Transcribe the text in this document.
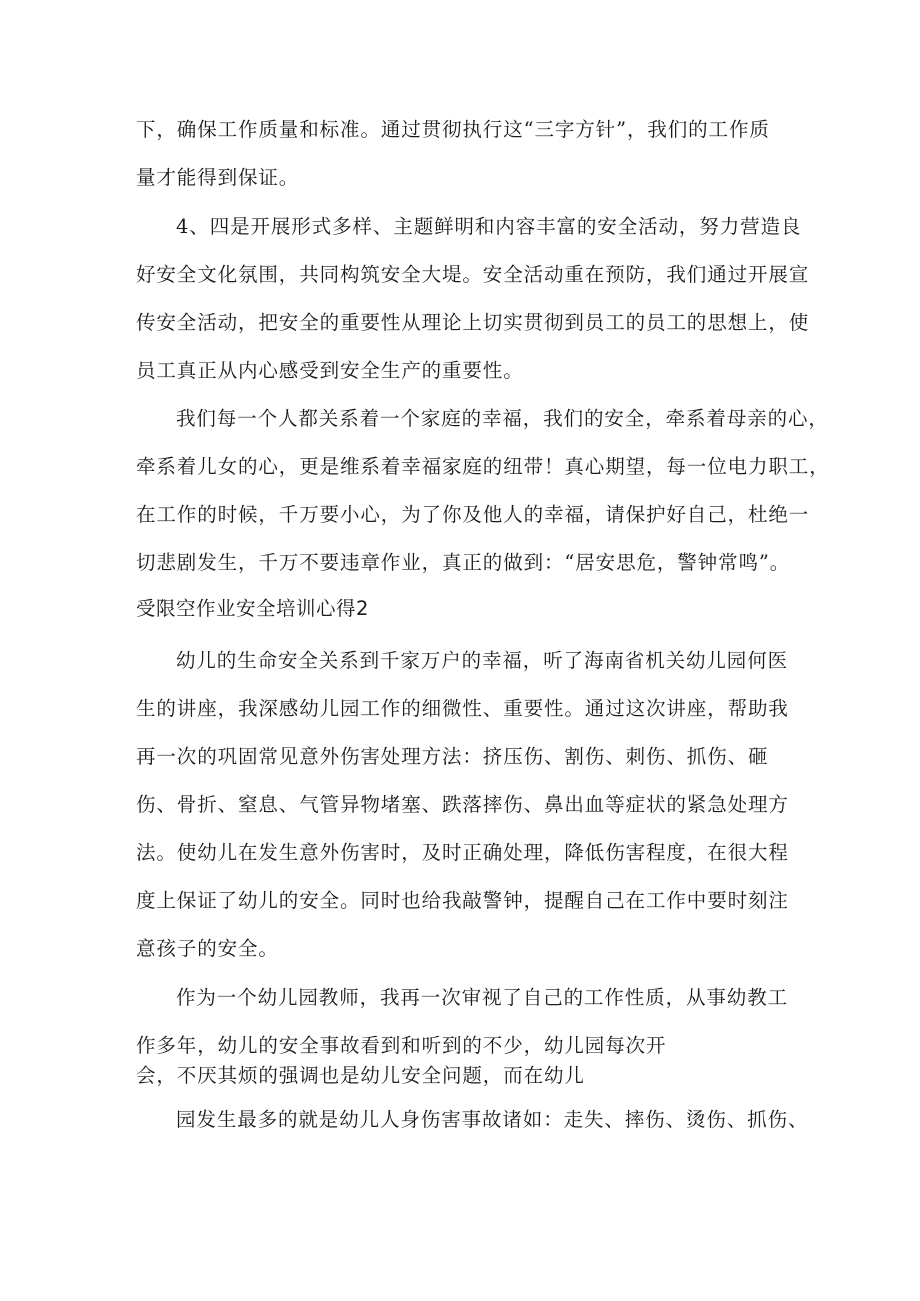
下，确保工作质量和标准。通过贯彻执行这“三字方针”，我们的工作质
量才能得到保证。
4、四是开展形式多样、主题鲜明和内容丰富的安全活动，努力营造良
好安全文化氛围，共同构筑安全大堤。安全活动重在预防，我们通过开展宣
传安全活动，把安全的重要性从理论上切实贯彻到员工的员工的思想上，使
员工真正从内心感受到安全生产的重要性。
我们每一个人都关系着一个家庭的幸福，我们的安全，牵系着母亲的心，
牵系着儿女的心，更是维系着幸福家庭的纽带！真心期望，每一位电力职工，
在工作的时候，千万要小心，为了你及他人的幸福，请保护好自己，杜绝一
切悲剧发生，千万不要违章作业，真正的做到：“居安思危，警钟常鸣”。
受限空作业安全培训心得2
幼儿的生命安全关系到千家万户的幸福，听了海南省机关幼儿园何医
生的讲座，我深感幼儿园工作的细微性、重要性。通过这次讲座，帮助我
再一次的巩固常见意外伤害处理方法：挤压伤、割伤、刺伤、抓伤、砸
伤、骨折、窒息、气管异物堵塞、跌落摔伤、鼻出血等症状的紧急处理方
法。使幼儿在发生意外伤害时，及时正确处理，降低伤害程度，在很大程
度上保证了幼儿的安全。同时也给我敲警钟，提醒自己在工作中要时刻注
意孩子的安全。
作为一个幼儿园教师，我再一次审视了自己的工作性质，从事幼教工
作多年，幼儿的安全事故看到和听到的不少，幼儿园每次开
会，不厌其烦的强调也是幼儿安全问题，而在幼儿
园发生最多的就是幼儿人身伤害事故诸如：走失、摔伤、烫伤、抓伤、
